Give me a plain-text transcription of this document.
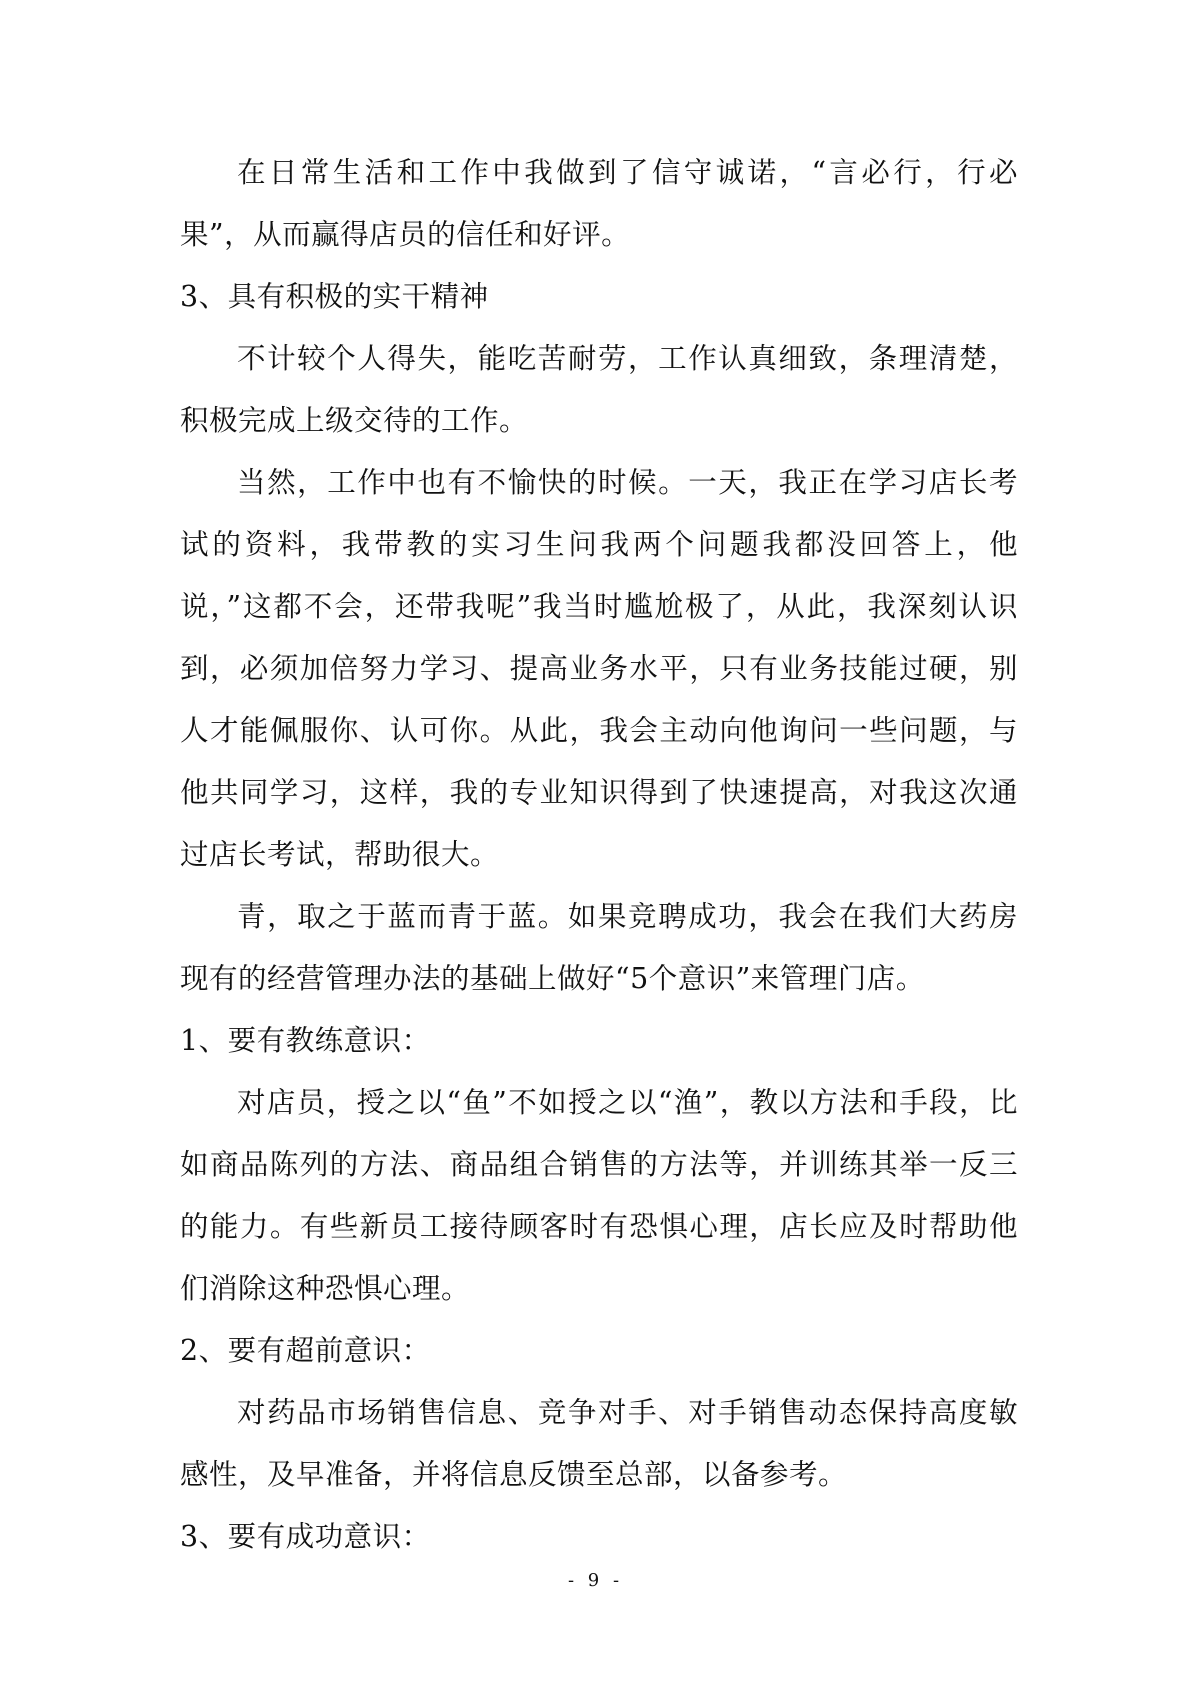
在日常生活和工作中我做到了信守诚诺，“言必行，行必果”，从而赢得店员的信任和好评。

3、具有积极的实干精神

不计较个人得失，能吃苦耐劳，工作认真细致，条理清楚，积极完成上级交待的工作。

当然，工作中也有不愉快的时候。一天，我正在学习店长考试的资料，我带教的实习生问我两个问题我都没回答上，他说，”这都不会，还带我呢”我当时尴尬极了，从此，我深刻认识到，必须加倍努力学习、提高业务水平，只有业务技能过硬，别人才能佩服你、认可你。从此，我会主动向他询问一些问题，与他共同学习，这样，我的专业知识得到了快速提高，对我这次通过店长考试，帮助很大。

青，取之于蓝而青于蓝。如果竞聘成功，我会在我们大药房现有的经营管理办法的基础上做好“5个意识”来管理门店。

1、要有教练意识：

对店员，授之以“鱼”不如授之以“渔”，教以方法和手段，比如商品陈列的方法、商品组合销售的方法等，并训练其举一反三的能力。有些新员工接待顾客时有恐惧心理，店长应及时帮助他们消除这种恐惧心理。

2、要有超前意识：

对药品市场销售信息、竞争对手、对手销售动态保持高度敏感性，及早准备，并将信息反馈至总部，以备参考。

3、要有成功意识：

- 9 -
